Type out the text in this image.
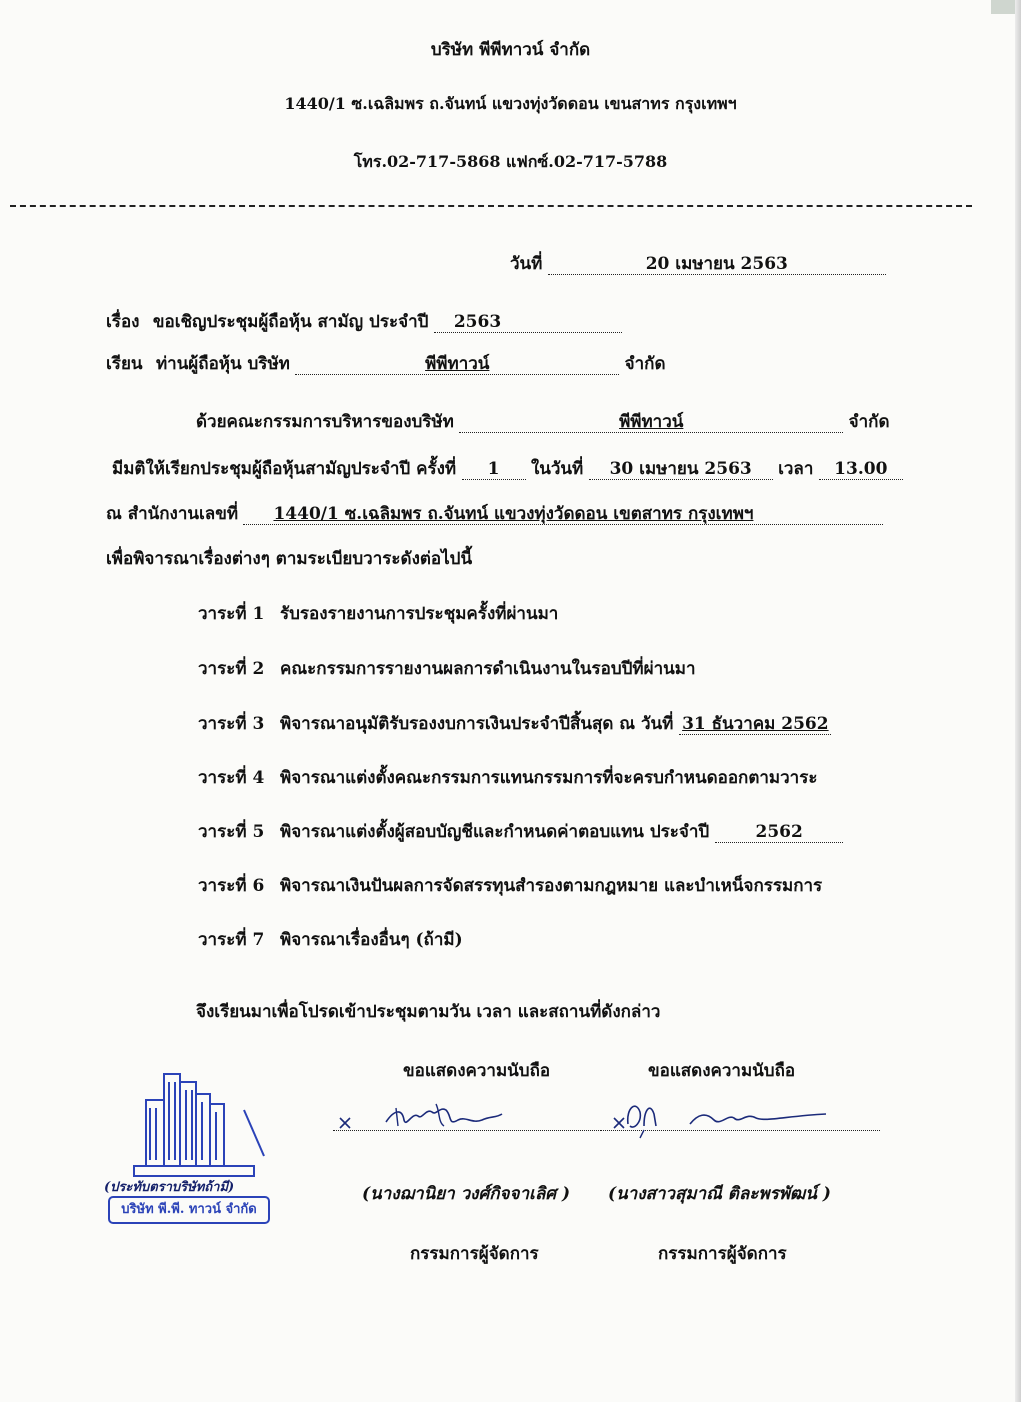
บริษัท พีพีทาวน์ จำกัด
1440/1 ซ.เฉลิมพร ถ.จันทน์ แขวงทุ่งวัดดอน เขนสาทร กรุงเทพฯ
โทร.02-717-5868 แฟกซ์.02-717-5788
วันที่	20 เมษายน 2563
เรื่อง ขอเชิญประชุมผู้ถือหุ้น สามัญ ประจำปี 2563
เรียน ท่านผู้ถือหุ้น บริษัท	พีพีทาวน์	จำกัด
ด้วยคณะกรรมการบริหารของบริษัท	พีพีทาวน์	จำกัด
มีมติให้เรียกประชุมผู้ถือหุ้นสามัญประจำปี ครั้งที่ 1 ในวันที่ 30 เมษายน 2563 เวลา 13.00
ณ สำนักงานเลขที่ 1440/1 ซ.เฉลิมพร ถ.จันทน์ แขวงทุ่งวัดดอน เขตสาทร กรุงเทพฯ
เพื่อพิจารณาเรื่องต่างๆ ตามระเบียบวาระดังต่อไปนี้
วาระที่ 1 รับรองรายงานการประชุมครั้งที่ผ่านมา
วาระที่ 2 คณะกรรมการรายงานผลการดำเนินงานในรอบปีที่ผ่านมา
วาระที่ 3 พิจารณาอนุมัติรับรองงบการเงินประจำปีสิ้นสุด ณ วันที่ 31 ธันวาคม 2562
วาระที่ 4 พิจารณาแต่งตั้งคณะกรรมการแทนกรรมการที่จะครบกำหนดออกตามวาระ
วาระที่ 5 พิจารณาแต่งตั้งผู้สอบบัญชีและกำหนดค่าตอบแทน ประจำปี	2562
วาระที่ 6 พิจารณาเงินปันผลการจัดสรรทุนสำรองตามกฎหมาย และบำเหน็จกรรมการ
วาระที่ 7 พิจารณาเรื่องอื่นๆ (ถ้ามี)
จึงเรียนมาเพื่อโปรดเข้าประชุมตามวัน เวลา และสถานที่ดังกล่าว
ขอแสดงความนับถือ	ขอแสดงความนับถือ
(นางฌานิยา วงศ์กิจจาเลิศ ) (นางสาวสุมาณี ติละพรพัฒน์ )
กรรมการผู้จัดการ	กรรมการผู้จัดการ
(ประทับตราบริษัทถ้ามี)
บริษัท พี.พี. ทาวน์ จำกัด
